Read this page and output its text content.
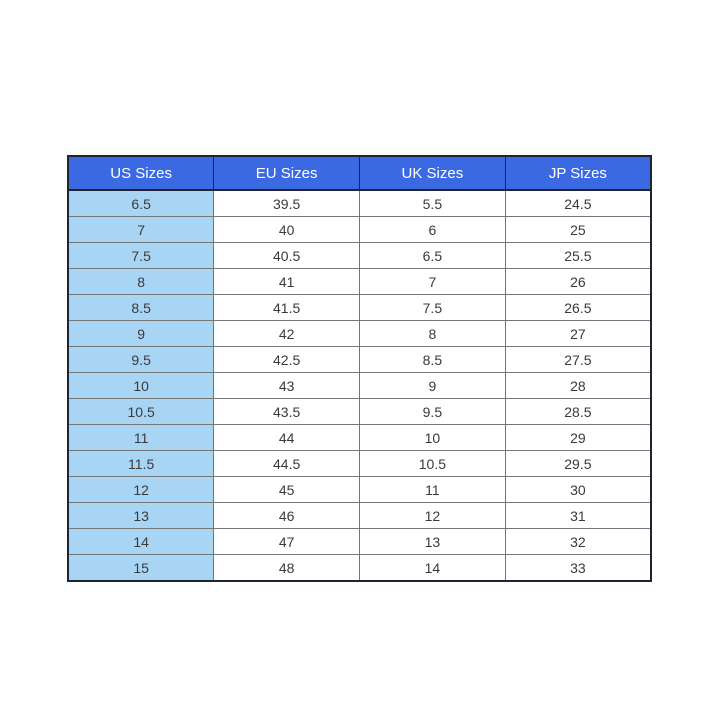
US Sizes	EU Sizes	UK Sizes	JP Sizes
6.5	39.5	5.5	24.5
7	40	6	25
7.5	40.5	6.5	25.5
8	41	7	26
8.5	41.5	7.5	26.5
9	42	8	27
9.5	42.5	8.5	27.5
10	43	9	28
10.5	43.5	9.5	28.5
11	44	10	29
11.5	44.5	10.5	29.5
12	45	11	30
13	46	12	31
14	47	13	32
15	48	14	33
